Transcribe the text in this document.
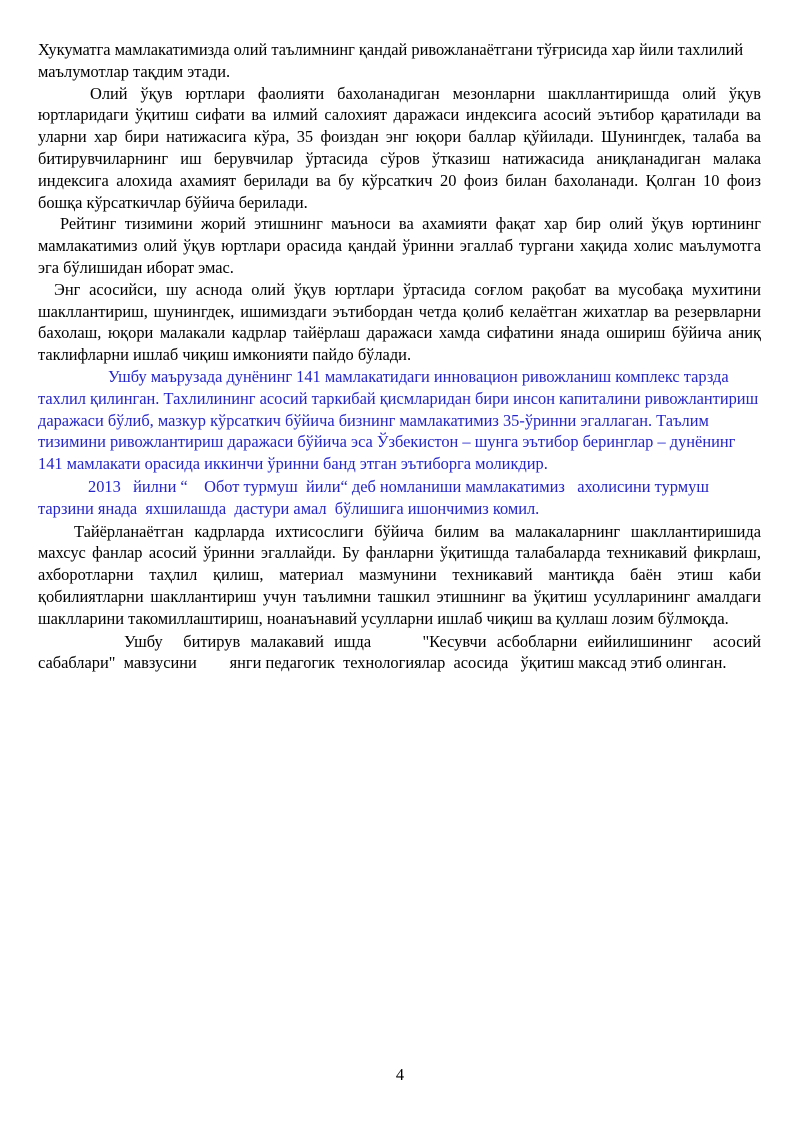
Хукуматга мамлакатимизда олий таълимнинг қандай ривожланаётгани тўғрисида хар йили тахлилий маълумотлар тақдим этади.

Олий ўқув юртлари фаолияти бахоланадиган мезонларни шакллантиришда олий ўқув юртларидаги ўқитиш сифати ва илмий салохият даражаси индексига асосий эътибор қаратилади ва уларни хар бири натижасига кўра, 35 фоиздан энг юқори баллар қўйилади. Шунингдек, талаба ва битирувчиларнинг иш берувчилар ўртасида сўров ўтказиш натижасида аниқланадиган малака индексига алохида ахамият берилади ва бу кўрсаткич 20 фоиз билан бахоланади. Қолган 10 фоиз бошқа кўрсаткичлар бўйича берилади.

Рейтинг тизимини жорий этишнинг маъноси ва ахамияти фақат хар бир олий ўқув юртининг мамлакатимиз олий ўқув юртлари орасида қандай ўринни эгаллаб тургани хақида холис маълумотга эга бўлишидан иборат эмас.

Энг асосийси, шу аснода олий ўқув юртлари ўртасида соғлом рақобат ва мусобақа мухитини шакллантириш, шунингдек, ишимиздаги эътибордан четда қолиб келаётган жихатлар ва резервларни бахолаш, юқори малакали кадрлар тайёрлаш даражаси хамда сифатини янада ошириш бўйича аниқ таклифларни ишлаб чиқиш имконияти пайдо бўлади.

Ушбу маърузада дунёнинг 141 мамлакатидаги инновацион ривожланиш комплекс тарзда тахлил қилинган. Тахлилининг асосий таркибай қисмларидан бири инсон капиталини ривожлантириш даражаси бўлиб, мазкур кўрсаткич бўйича бизнинг мамлакатимиз 35-ўринни эгаллаган. Таълим тизимини ривожлантириш даражаси бўйича эса Ўзбекистон – шунга эътибор беринглар – дунёнинг 141 мамлакати орасида иккинчи ўринни банд этган эътиборга моликдир.

2013   йилни “    Обот турмуш  йили“ деб номланиши мамлакатимиз   ахолисини турмуш тарзини янада  яхшилашда  дастури амал  бўлишига ишончимиз комил.

Тайёрланаётган кадрларда ихтисослиги бўйича билим ва малакаларнинг шакллантиришида махсус фанлар асосий ўринни эгаллайди. Бу фанларни ўқитишда талабаларда техникавий фикрлаш, ахборотларни таҳлил қилиш, материал мазмунини техникавий мантиқда баён этиш каби қобилиятларни шакллантириш учун таълимни ташкил этишнинг ва ўқитиш усулларининг амалдаги шаклларини такомиллаштириш, ноанаънавий усулларни ишлаб чиқиш ва қуллаш лозим бўлмоқда.

Ушбу  битирув малакавий ишда     "Кесувчи асбобларни еийилишининг  асосий сабаблари"  мавзусини        янги педагогик  технологиялар  асосида   ўқитиш максад этиб олинган.

4
